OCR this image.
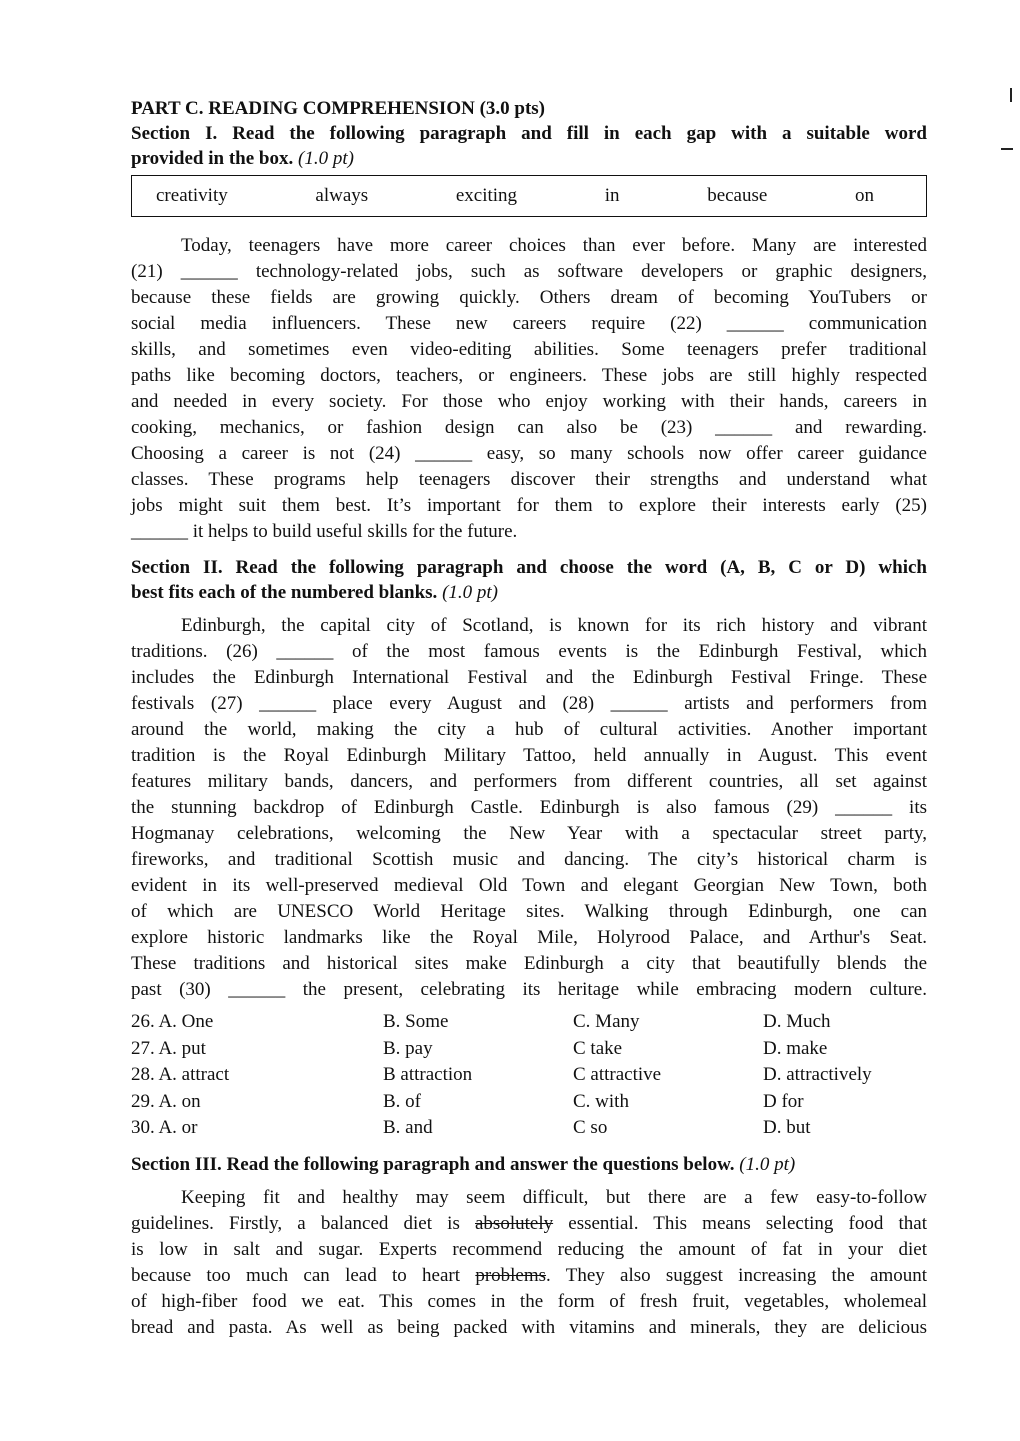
PART C. READING COMPREHENSION (3.0 pts)
Section I. Read the following paragraph and fill in each gap with a suitable word
provided in the box. (1.0 pt)
creativity	always	exciting	in	because	on
Today, teenagers have more career choices than ever before. Many are interested
(21) ______ technology-related jobs, such as software developers or graphic designers,
because these fields are growing quickly. Others dream of becoming YouTubers or
social media influencers. These new careers require (22) ______ communication
skills, and sometimes even video-editing abilities. Some teenagers prefer traditional
paths like becoming doctors, teachers, or engineers. These jobs are still highly respected
and needed in every society. For those who enjoy working with their hands, careers in
cooking, mechanics, or fashion design can also be (23) ______ and rewarding.
Choosing a career is not (24) ______ easy, so many schools now offer career guidance
classes. These programs help teenagers discover their strengths and understand what
jobs might suit them best. It’s important for them to explore their interests early (25)
______ it helps to build useful skills for the future.
Section II. Read the following paragraph and choose the word (A, B, C or D) which
best fits each of the numbered blanks. (1.0 pt)
Edinburgh, the capital city of Scotland, is known for its rich history and vibrant
traditions. (26) ______ of the most famous events is the Edinburgh Festival, which
includes the Edinburgh International Festival and the Edinburgh Festival Fringe. These
festivals (27) ______ place every August and (28) ______ artists and performers from
around the world, making the city a hub of cultural activities. Another important
tradition is the Royal Edinburgh Military Tattoo, held annually in August. This event
features military bands, dancers, and performers from different countries, all set against
the stunning backdrop of Edinburgh Castle. Edinburgh is also famous (29) ______ its
Hogmanay celebrations, welcoming the New Year with a spectacular street party,
fireworks, and traditional Scottish music and dancing. The city’s historical charm is
evident in its well-preserved medieval Old Town and elegant Georgian New Town, both
of which are UNESCO World Heritage sites. Walking through Edinburgh, one can
explore historic landmarks like the Royal Mile, Holyrood Palace, and Arthur's Seat.
These traditions and historical sites make Edinburgh a city that beautifully blends the
past (30) ______ the present, celebrating its heritage while embracing modern culture.
26. A. One	B. Some	C. Many	D. Much
27. A. put	B. pay	C take	D. make
28. A. attract	B attraction	C attractive	D. attractively
29. A. on	B. of	C. with	D for
30. A. or	B. and	C so	D. but
Section III. Read the following paragraph and answer the questions below. (1.0 pt)
Keeping fit and healthy may seem difficult, but there are a few easy-to-follow
guidelines. Firstly, a balanced diet is absolutely essential. This means selecting food that
is low in salt and sugar. Experts recommend reducing the amount of fat in your diet
because too much can lead to heart problems. They also suggest increasing the amount
of high-fiber food we eat. This comes in the form of fresh fruit, vegetables, wholemeal
bread and pasta. As well as being packed with vitamins and minerals, they are delicious
